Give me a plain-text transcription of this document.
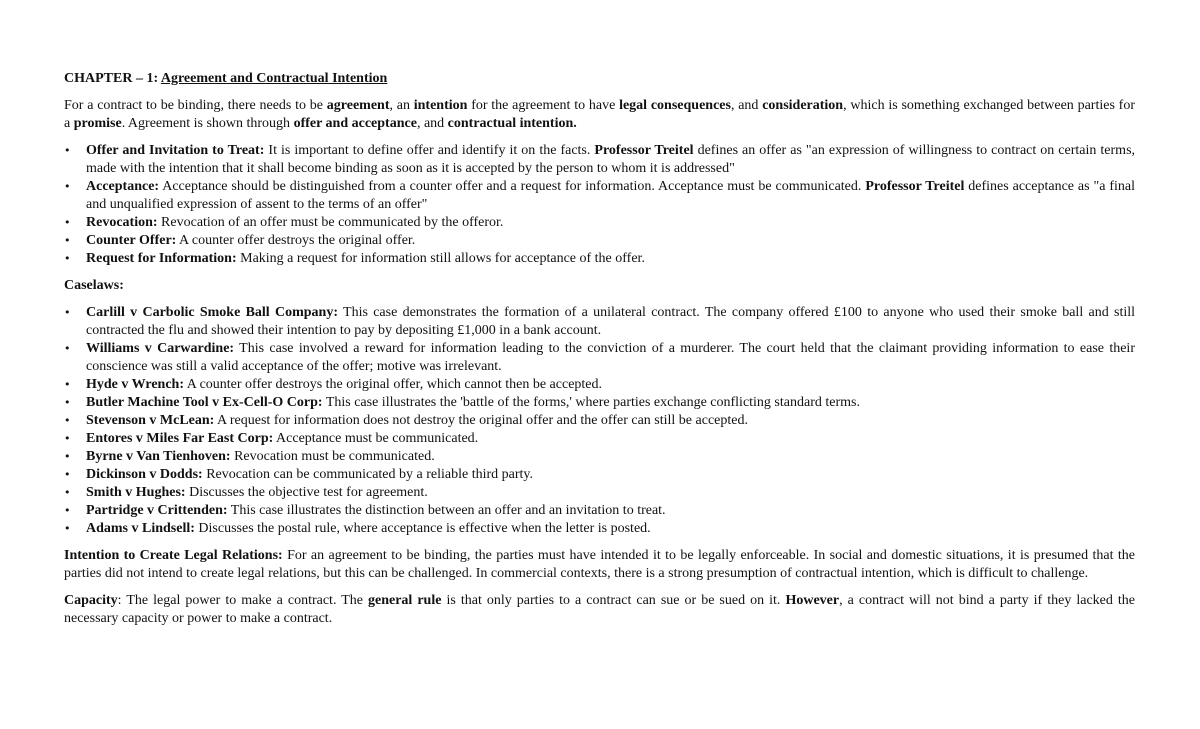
CHAPTER – 1: Agreement and Contractual Intention

For a contract to be binding, there needs to be agreement, an intention for the agreement to have legal consequences, and consideration, which is something exchanged between parties for a promise. Agreement is shown through offer and acceptance, and contractual intention.

• Offer and Invitation to Treat: It is important to define offer and identify it on the facts. Professor Treitel defines an offer as "an expression of willingness to contract on certain terms, made with the intention that it shall become binding as soon as it is accepted by the person to whom it is addressed"
• Acceptance: Acceptance should be distinguished from a counter offer and a request for information. Acceptance must be communicated. Professor Treitel defines acceptance as "a final and unqualified expression of assent to the terms of an offer"
• Revocation: Revocation of an offer must be communicated by the offeror.
• Counter Offer: A counter offer destroys the original offer.
• Request for Information: Making a request for information still allows for acceptance of the offer.

Caselaws:

• Carlill v Carbolic Smoke Ball Company: This case demonstrates the formation of a unilateral contract. The company offered £100 to anyone who used their smoke ball and still contracted the flu and showed their intention to pay by depositing £1,000 in a bank account.
• Williams v Carwardine: This case involved a reward for information leading to the conviction of a murderer. The court held that the claimant providing information to ease their conscience was still a valid acceptance of the offer; motive was irrelevant.
• Hyde v Wrench: A counter offer destroys the original offer, which cannot then be accepted.
• Butler Machine Tool v Ex-Cell-O Corp: This case illustrates the 'battle of the forms,' where parties exchange conflicting standard terms.
• Stevenson v McLean: A request for information does not destroy the original offer and the offer can still be accepted.
• Entores v Miles Far East Corp: Acceptance must be communicated.
• Byrne v Van Tienhoven: Revocation must be communicated.
• Dickinson v Dodds: Revocation can be communicated by a reliable third party.
• Smith v Hughes: Discusses the objective test for agreement.
• Partridge v Crittenden: This case illustrates the distinction between an offer and an invitation to treat.
• Adams v Lindsell: Discusses the postal rule, where acceptance is effective when the letter is posted.

Intention to Create Legal Relations: For an agreement to be binding, the parties must have intended it to be legally enforceable. In social and domestic situations, it is presumed that the parties did not intend to create legal relations, but this can be challenged. In commercial contexts, there is a strong presumption of contractual intention, which is difficult to challenge.

Capacity: The legal power to make a contract. The general rule is that only parties to a contract can sue or be sued on it. However, a contract will not bind a party if they lacked the necessary capacity or power to make a contract.
